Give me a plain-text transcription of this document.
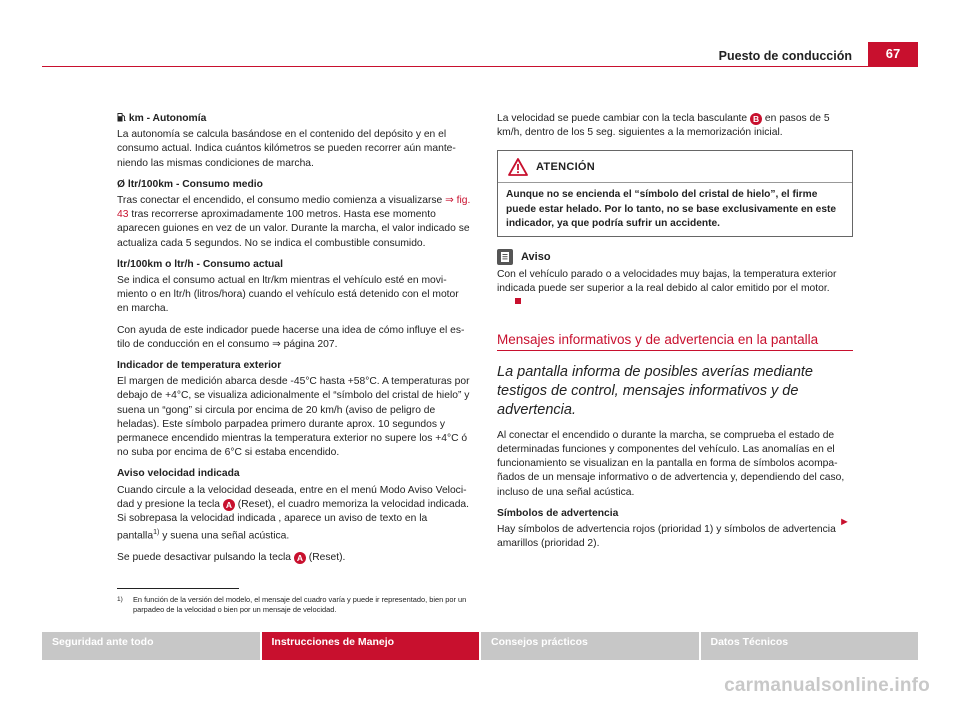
Puesto de conducción	67
km - Autonomía

La autonomía se calcula basándose en el contenido del depósito y en el consumo actual. Indica cuántos kilómetros se pueden recorrer aún manteniendo las mismas condiciones de marcha.

Ø ltr/100km - Consumo medio

Tras conectar el encendido, el consumo medio comienza a visualizarse ⇒ fig. 43 tras recorrerse aproximadamente 100 metros. Hasta ese momento aparecen guiones en vez de un valor. Durante la marcha, el valor indicado se actualiza cada 5 segundos. No se indica el combustible consumido.

ltr/100km o ltr/h - Consumo actual

Se indica el consumo actual en ltr/km mientras el vehículo esté en movimiento o en ltr/h (litros/hora) cuando el vehículo está detenido con el motor en marcha.

Con ayuda de este indicador puede hacerse una idea de cómo influye el estilo de conducción en el consumo ⇒ página 207.

Indicador de temperatura exterior

El margen de medición abarca desde -45°C hasta +58°C. A temperaturas por debajo de +4°C, se visualiza adicionalmente el “símbolo del cristal de hielo” y suena un “gong” si circula por encima de 20 km/h (aviso de peligro de heladas). Este símbolo parpadea primero durante aprox. 10 segundos y permanece encendido mientras la temperatura exterior no supere los +4°C ó no suba por encima de 6°C si estaba encendido.

Aviso velocidad indicada

Cuando circule a la velocidad deseada, entre en el menú Modo Aviso Velocidad y presione la tecla A (Reset), el cuadro memoriza la velocidad indicada. Si sobrepasa la velocidad indicada , aparece un aviso de texto en la pantalla$^{1)}$ y suena una señal acústica.

Se puede desactivar pulsando la tecla A (Reset).

La velocidad se puede cambiar con la tecla basculante B en pasos de 5 km/h, dentro de los 5 seg. siguientes a la memorización inicial.

ATENCIÓN
Aunque no se encienda el “símbolo del cristal de hielo”, el firme puede estar helado. Por lo tanto, no se base exclusivamente en este indicador, ya que podría sufrir un accidente.
Aviso

Con el vehículo parado o a velocidades muy bajas, la temperatura exterior indicada puede ser superior a la real debido al calor emitido por el motor.

Mensajes informativos y de advertencia en la pantalla
La pantalla informa de posibles averías mediante testigos de control, mensajes informativos y de advertencia.

Al conectar el encendido o durante la marcha, se comprueba el estado de determinadas funciones y componentes del vehículo. Las anomalías en el funcionamiento se visualizan en la pantalla en forma de símbolos acompañados de un mensaje informativo o de advertencia y, dependiendo del caso, incluso de una señal acústica.

Símbolos de advertencia

Hay símbolos de advertencia rojos (prioridad 1) y símbolos de advertencia amarillos (prioridad 2).

►
1) En función de la versión del modelo, el mensaje del cuadro varía y puede ir representado, bien por un parpadeo de la velocidad o bien por un mensaje de velocidad.
Seguridad ante todo	Instrucciones de Manejo	Consejos prácticos	Datos Técnicos
carmanualsonline.info
